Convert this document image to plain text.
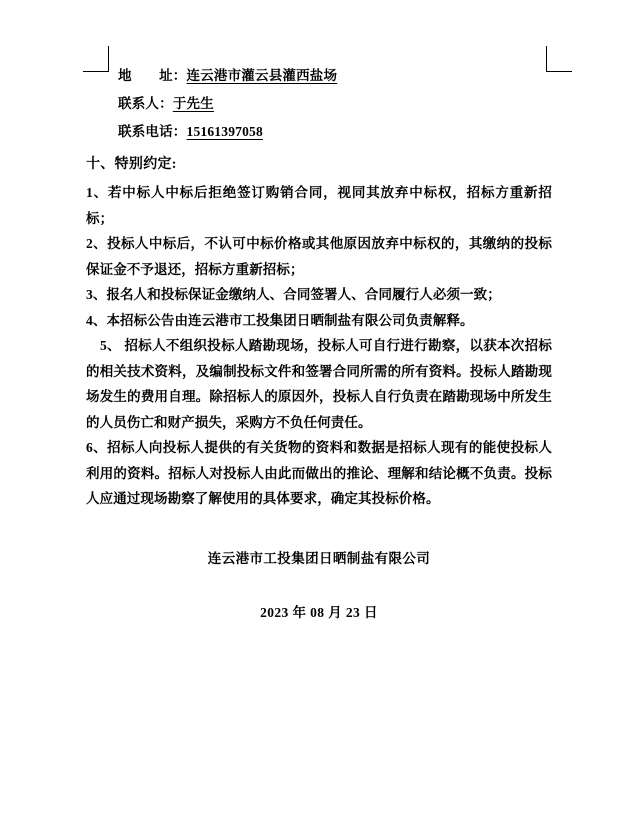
地　　址：连云港市灌云县灌西盐场
联系人：于先生
联系电话：15161397058
十、特别约定:

1、若中标人中标后拒绝签订购销合同，视同其放弃中标权，招标方重新招标；

2、投标人中标后，不认可中标价格或其他原因放弃中标权的，其缴纳的投标保证金不予退还，招标方重新招标；

3、报名人和投标保证金缴纳人、合同签署人、合同履行人必须一致；

4、本招标公告由连云港市工投集团日晒制盐有限公司负责解释。

5、 招标人不组织投标人踏勘现场，投标人可自行进行勘察，以获本次招标的相关技术资料，及编制投标文件和签署合同所需的所有资料。投标人踏勘现场发生的费用自理。除招标人的原因外，投标人自行负责在踏勘现场中所发生的人员伤亡和财产损失，采购方不负任何责任。

6、招标人向投标人提供的有关货物的资料和数据是招标人现有的能使投标人利用的资料。招标人对投标人由此而做出的推论、理解和结论概不负责。投标人应通过现场勘察了解使用的具体要求，确定其投标价格。

连云港市工投集团日晒制盐有限公司
2023 年 08 月 23 日
